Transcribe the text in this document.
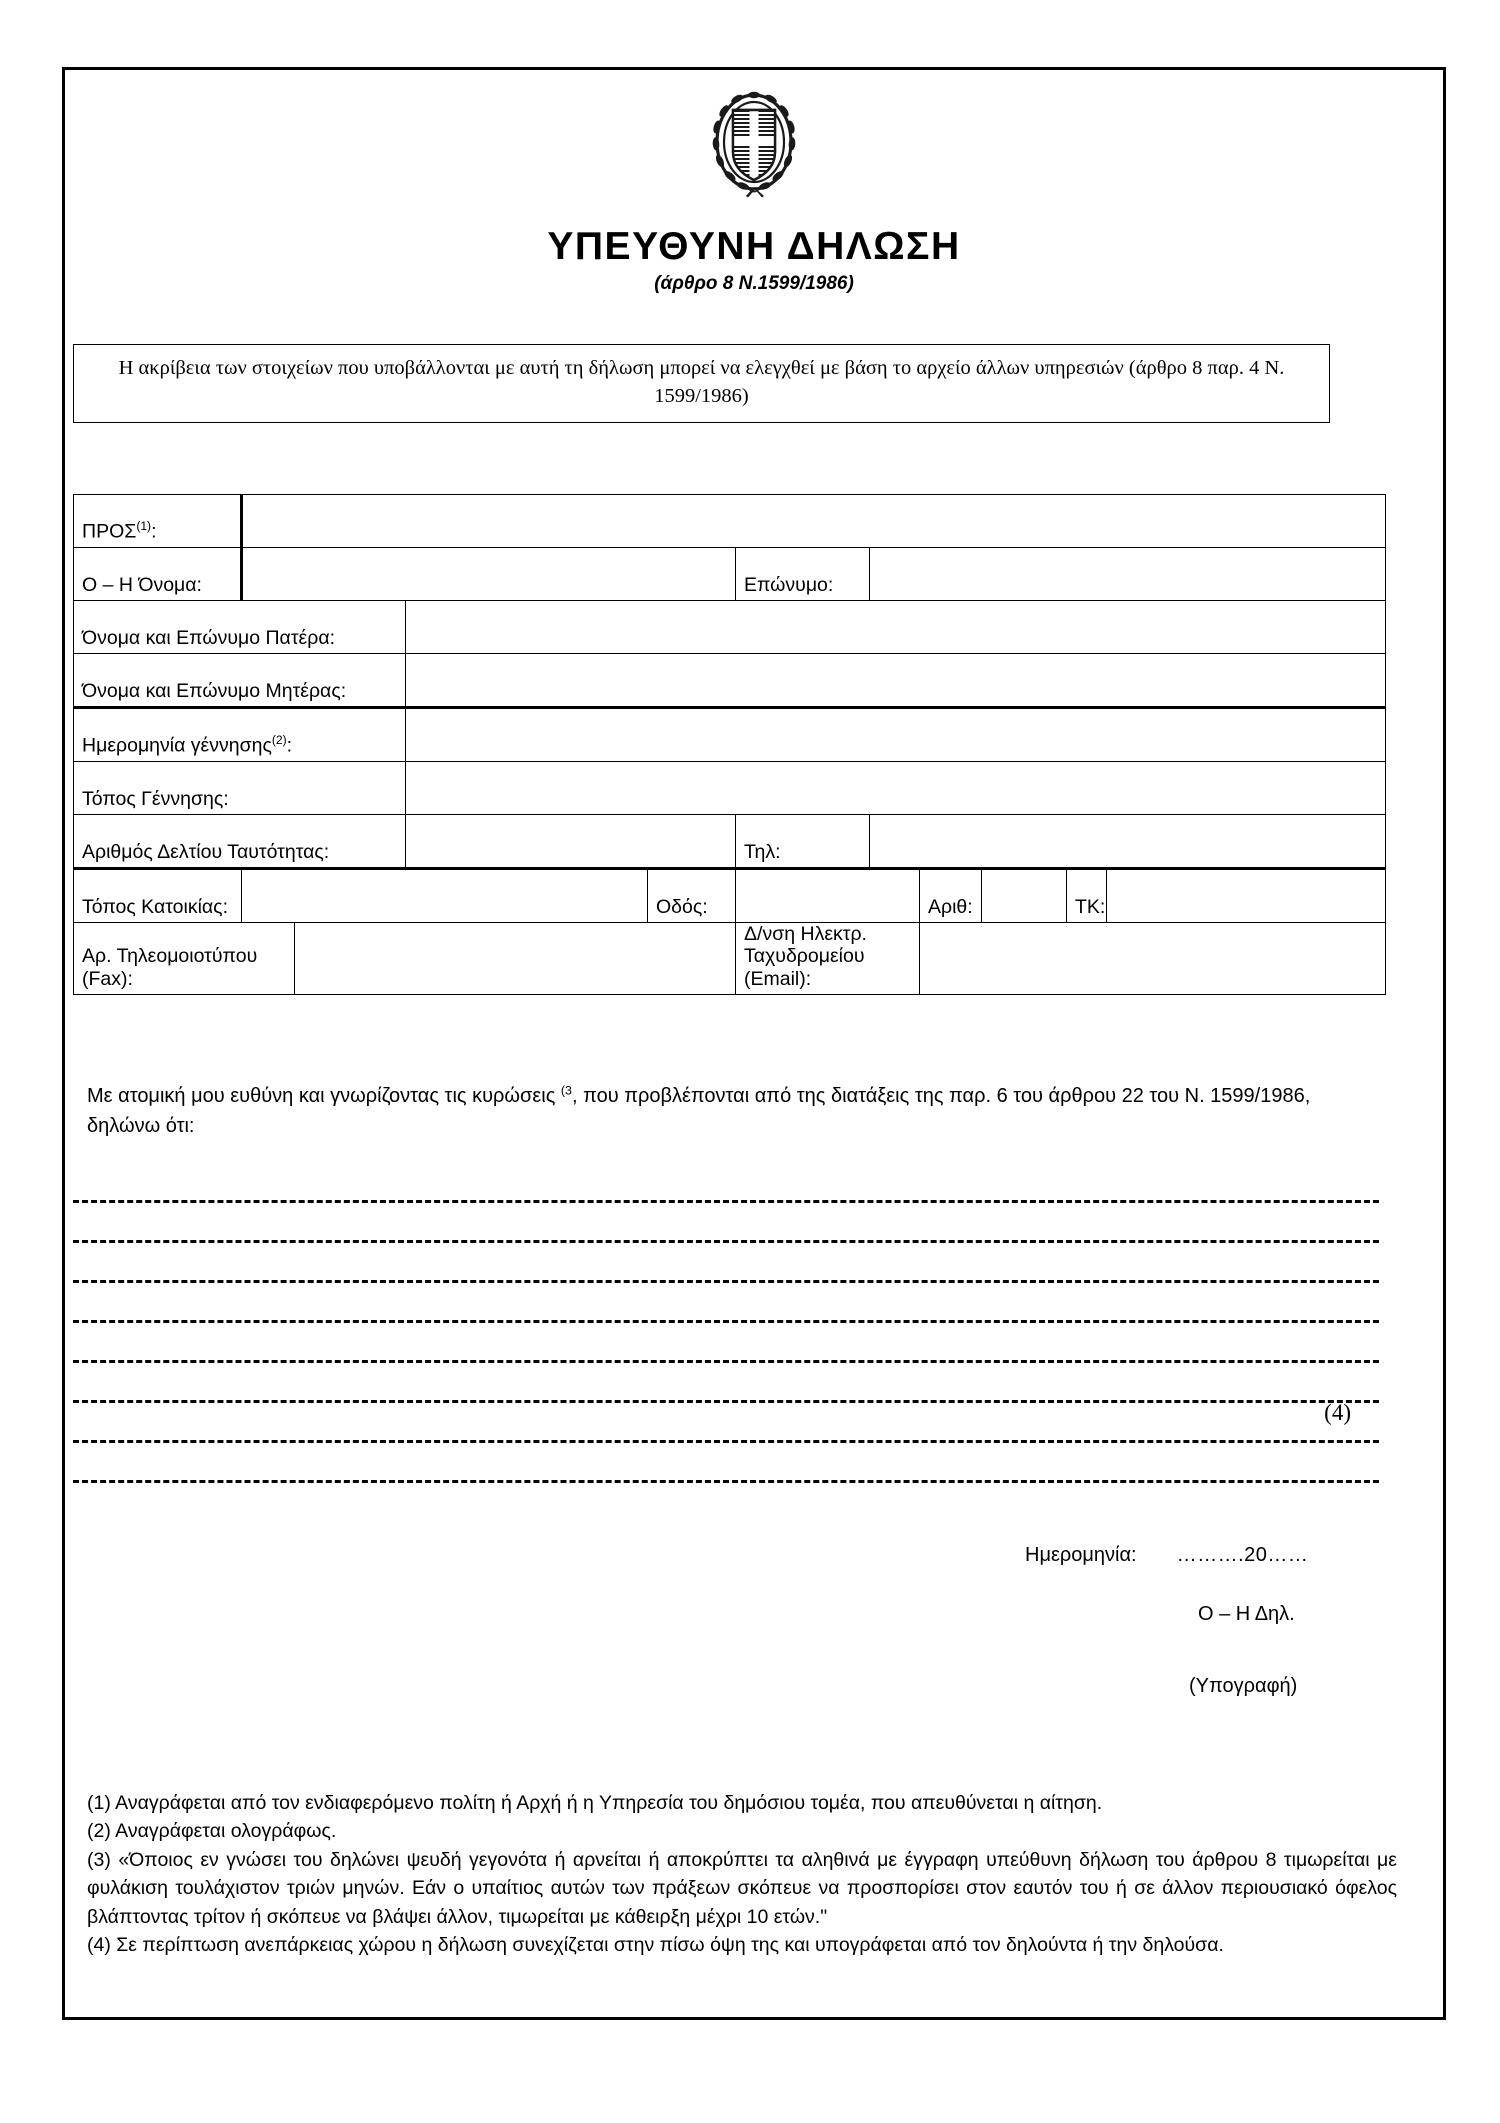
ΥΠΕΥΘΥΝΗ ΔΗΛΩΣΗ
(άρθρο 8 Ν.1599/1986)
Η ακρίβεια των στοιχείων που υποβάλλονται με αυτή τη δήλωση μπορεί να ελεγχθεί με βάση το αρχείο άλλων υπηρεσιών (άρθρο 8 παρ. 4 Ν. 1599/1986)
ΠΡΟΣ$^{(1)}$:										
Ο – Η Όνομα:					Επώνυμο:					
Όνομα και Επώνυμο Πατέρα:										
Όνομα και Επώνυμο Μητέρας:										
Ημερομηνία γέννησης$^{(2)}$:										
Τόπος Γέννησης:										
Αριθμός Δελτίου Ταυτότητας:					Τηλ:					
Τόπος Κατοικίας:				Οδός:			Αριθ:		ΤΚ:	
Αρ. Τηλεομοιοτύπου (Fax):					Δ/νση Ηλεκτρ. Ταχυδρομείου (Email):					
Με ατομική μου ευθύνη και γνωρίζοντας τις κυρώσεις $^{(3}$, που προβλέπονται από της διατάξεις της παρ. 6 του άρθρου 22 του Ν. 1599/1986, δηλώνω ότι:
(4)
Ημερομηνία: ……….20……
Ο – Η Δηλ.
(Υπογραφή)

(1) Αναγράφεται από τον ενδιαφερόμενο πολίτη ή Αρχή ή η Υπηρεσία του δημόσιου τομέα, που απευθύνεται η αίτηση.

(2) Αναγράφεται ολογράφως.

(3) «Όποιος εν γνώσει του δηλώνει ψευδή γεγονότα ή αρνείται ή αποκρύπτει τα αληθινά με έγγραφη υπεύθυνη δήλωση του άρθρου 8 τιμωρείται με φυλάκιση τουλάχιστον τριών μηνών. Εάν ο υπαίτιος αυτών των πράξεων σκόπευε να προσπορίσει στον εαυτόν του ή σε άλλον περιουσιακό όφελος βλάπτοντας τρίτον ή σκόπευε να βλάψει άλλον, τιμωρείται με κάθειρξη μέχρι 10 ετών."

(4) Σε περίπτωση ανεπάρκειας χώρου η δήλωση συνεχίζεται στην πίσω όψη της και υπογράφεται από τον δηλούντα ή την δηλούσα.
